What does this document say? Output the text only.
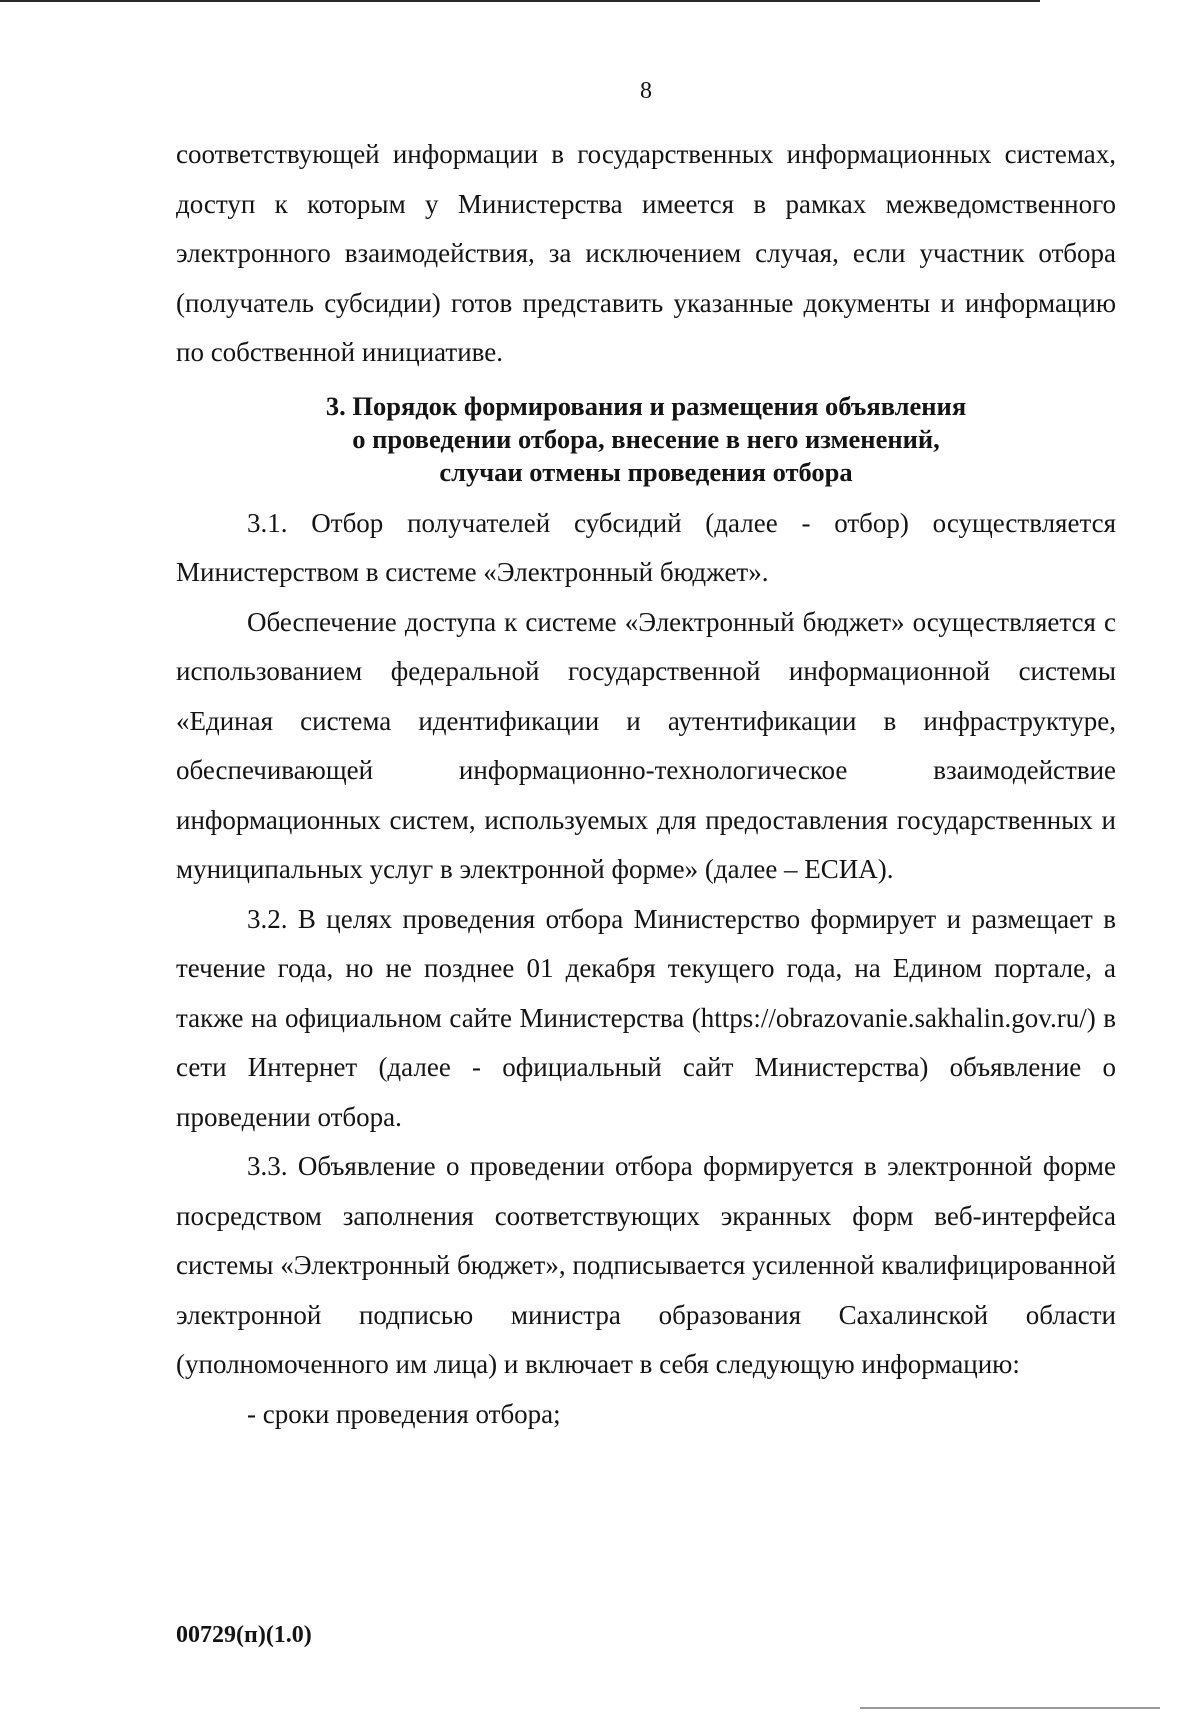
8

соответствующей информации в государственных информационных системах, доступ к которым у Министерства имеется в рамках межведомственного электронного взаимодействия, за исключением случая, если участник отбора (получатель субсидии) готов представить указанные документы и информацию по собственной инициативе.

3. Порядок формирования и размещения объявления
о проведении отбора, внесение в него изменений,
случаи отмены проведения отбора

3.1. Отбор получателей субсидий (далее - отбор) осуществляется Министерством в системе «Электронный бюджет».

Обеспечение доступа к системе «Электронный бюджет» осуществляется с использованием федеральной государственной информационной системы «Единая система идентификации и аутентификации в инфраструктуре, обеспечивающей информационно-технологическое взаимодействие информационных систем, используемых для предоставления государственных и муниципальных услуг в электронной форме» (далее – ЕСИА).

3.2. В целях проведения отбора Министерство формирует и размещает в течение года, но не позднее 01 декабря текущего года, на Едином портале, а также на официальном сайте Министерства (https://obrazovanie.sakhalin.gov.ru/) в сети Интернет (далее - официальный сайт Министерства) объявление о проведении отбора.

3.3. Объявление о проведении отбора формируется в электронной форме посредством заполнения соответствующих экранных форм веб-интерфейса системы «Электронный бюджет», подписывается усиленной квалифицированной электронной подписью министра образования Сахалинской области (уполномоченного им лица) и включает в себя следующую информацию:

- сроки проведения отбора;

00729(п)(1.0)
